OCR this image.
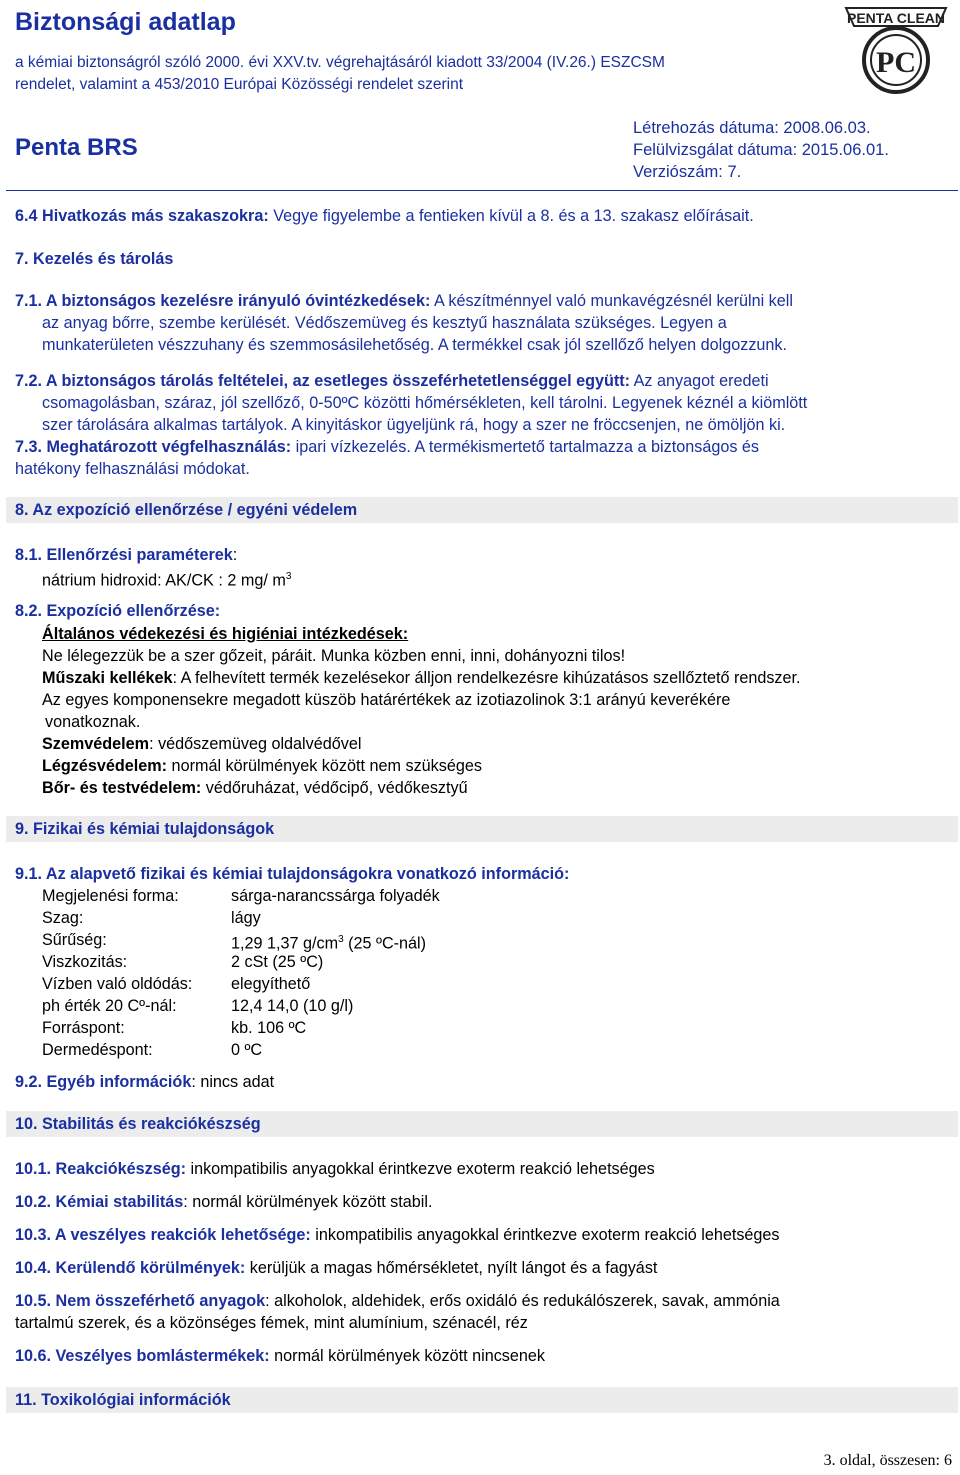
Biztonsági adatlap
a kémiai biztonságról szóló 2000. évi XXV.tv. végrehajtásáról kiadott 33/2004 (IV.26.) ESZCSM
rendelet, valamint a 453/2010 Európai Közösségi rendelet szerint
Penta BRS
Létrehozás dátuma: 2008.06.03.
Felülvizsgálat dátuma: 2015.06.01.
Verziószám: 7.
PENTA CLEAN
PC
6.4 Hivatkozás más szakaszokra: Vegye figyelembe a fentieken kívül a 8. és a 13. szakasz előírásait.
7. Kezelés és tárolás
7.1. A biztonságos kezelésre irányuló óvintézkedések: A készítménnyel való munkavégzésnél kerülni kell
az anyag bőrre, szembe kerülését. Védőszemüveg és kesztyű használata szükséges. Legyen a
munkaterületen vészzuhany és szemmosásilehetőség. A termékkel csak jól szellőző helyen dolgozzunk.
7.2. A biztonságos tárolás feltételei, az esetleges összeférhetetlenséggel együtt: Az anyagot eredeti
csomagolásban, száraz, jól szellőző, 0-50ºC közötti hőmérsékleten, kell tárolni. Legyenek kéznél a kiömlött
szer tárolására alkalmas tartályok. A kinyitáskor ügyeljünk rá, hogy a szer ne fröccsenjen, ne ömöljön ki.
7.3. Meghatározott végfelhasználás: ipari vízkezelés. A termékismertető tartalmazza a biztonságos és
hatékony felhasználási módokat.
8. Az expozíció ellenőrzése / egyéni védelem
8.1. Ellenőrzési paraméterek:
nátrium hidroxid: AK/CK : 2 mg/ $m^3$
8.2. Expozíció ellenőrzése:
Általános védekezési és higiéniai intézkedések:
Ne lélegezzük be a szer gőzeit, páráit. Munka közben enni, inni, dohányozni tilos!
Műszaki kellékek: A felhevített termék kezelésekor álljon rendelkezésre kihúzatásos szellőztető rendszer.
Az egyes komponensekre megadott küszöb határértékek az izotiazolinok 3:1 arányú keverékére
vonatkoznak.
Szemvédelem: védőszemüveg oldalvédővel
Légzésvédelem: normál körülmények között nem szükséges
Bőr- és testvédelem: védőruházat, védőcipő, védőkesztyű
9. Fizikai és kémiai tulajdonságok
9.1. Az alapvető fizikai és kémiai tulajdonságokra vonatkozó információ:
Megjelenési forma:	sárga-narancssárga folyadék
Szag:	lágy
Sűrűség:	1,29 1,37 $g/cm^3$ (25 ºC-nál)
Viszkozitás:	2 cSt (25 ºC)
Vízben való oldódás: elegyíthető
ph érték 20 Cº-nál:	12,4 14,0 (10 g/l)
Forráspont:	kb. 106 ºC
Dermedéspont:	0 ºC
9.2. Egyéb információk: nincs adat
10. Stabilitás és reakciókészség
10.1. Reakciókészség: inkompatibilis anyagokkal érintkezve exoterm reakció lehetséges
10.2. Kémiai stabilitás: normál körülmények között stabil.
10.3. A veszélyes reakciók lehetősége: inkompatibilis anyagokkal érintkezve exoterm reakció lehetséges
10.4. Kerülendő körülmények: kerüljük a magas hőmérsékletet, nyílt lángot és a fagyást
10.5. Nem összeférhető anyagok: alkoholok, aldehidek, erős oxidáló és redukálószerek, savak, ammónia
10.6. Veszélyes bomlástermékek: normál körülmények között nincsenek
tartalmú szerek, és a közönséges fémek, mint alumínium, szénacél, réz
11. Toxikológiai információk
3. oldal, összesen: 6
